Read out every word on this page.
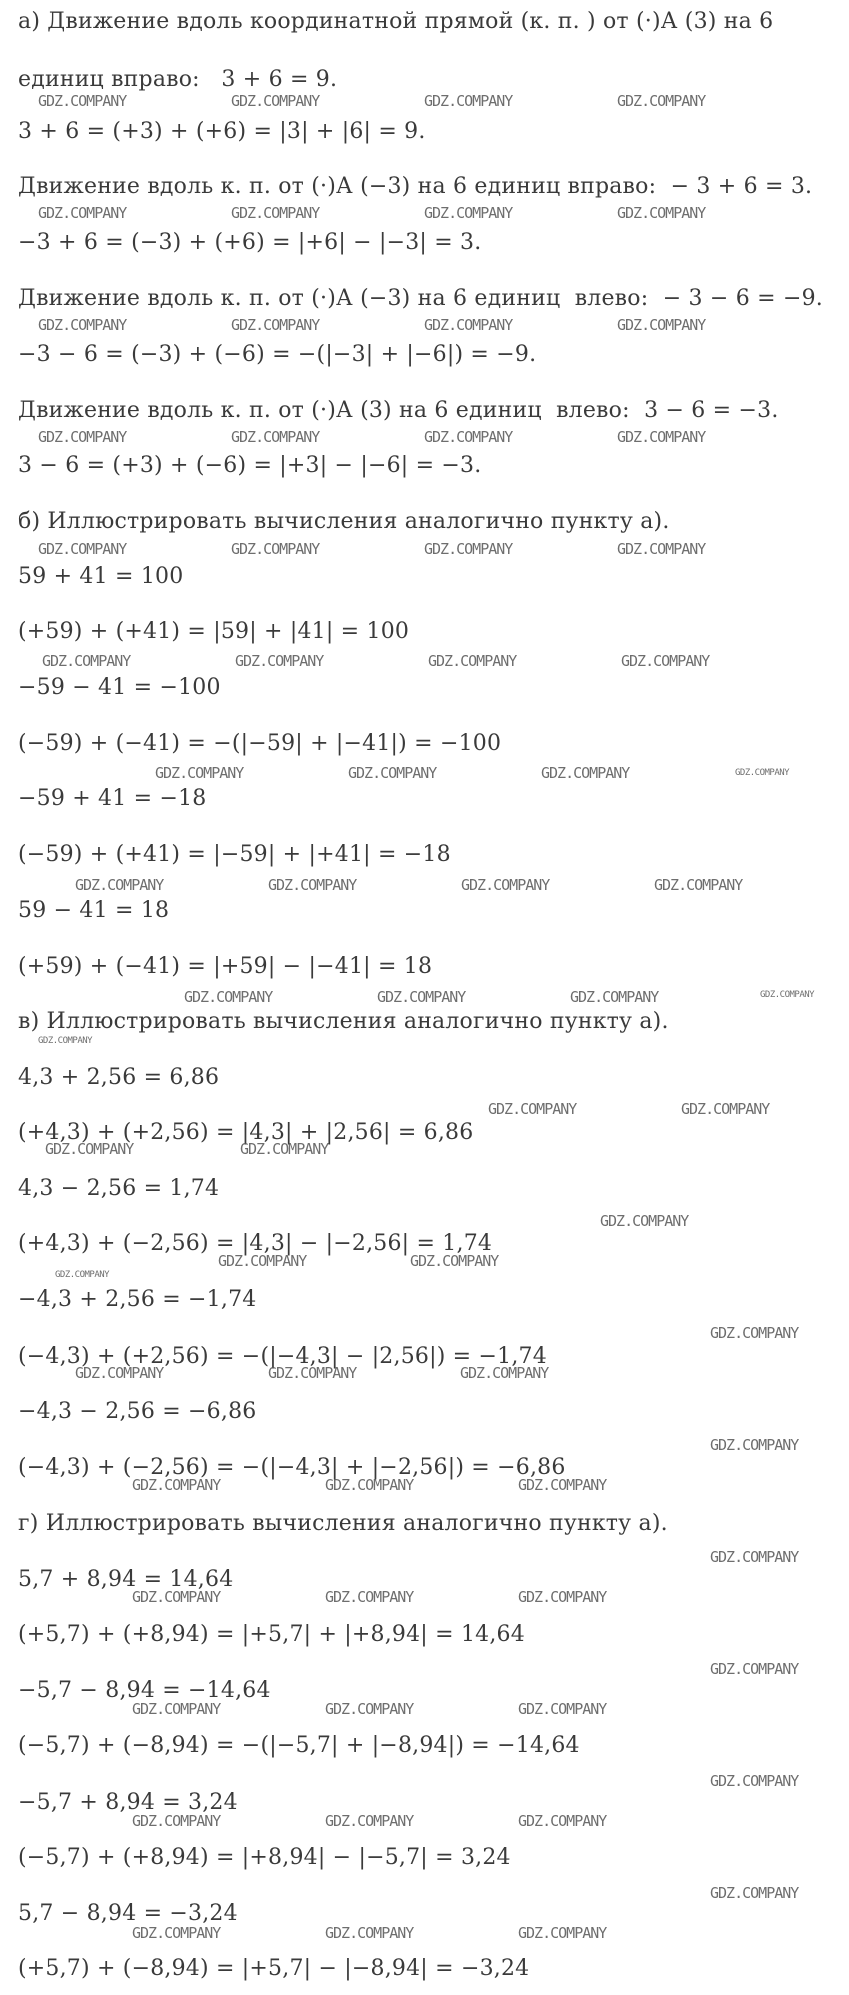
а) Движение вдоль координатной прямой (к. п. ) от (·)А (3) на 6
единиц вправо:   3 + 6 = 9.
3 + 6 = (+3) + (+6) = |3| + |6| = 9.
Движение вдоль к. п. от (·)А (−3) на 6 единиц вправо:  − 3 + 6 = 3.
−3 + 6 = (−3) + (+6) = |+6| − |−3| = 3.
Движение вдоль к. п. от (·)А (−3) на 6 единиц  влево:  − 3 − 6 = −9.
−3 − 6 = (−3) + (−6) = −(|−3| + |−6|) = −9.
Движение вдоль к. п. от (·)А (3) на 6 единиц  влево:  3 − 6 = −3.
3 − 6 = (+3) + (−6) = |+3| − |−6| = −3.
б) Иллюстрировать вычисления аналогично пункту а).
59 + 41 = 100
(+59) + (+41) = |59| + |41| = 100
−59 − 41 = −100
(−59) + (−41) = −(|−59| + |−41|) = −100
−59 + 41 = −18
(−59) + (+41) = |−59| + |+41| = −18
59 − 41 = 18
(+59) + (−41) = |+59| − |−41| = 18
в) Иллюстрировать вычисления аналогично пункту а).
4,3 + 2,56 = 6,86
(+4,3) + (+2,56) = |4,3| + |2,56| = 6,86
4,3 − 2,56 = 1,74
(+4,3) + (−2,56) = |4,3| − |−2,56| = 1,74
−4,3 + 2,56 = −1,74
(−4,3) + (+2,56) = −(|−4,3| − |2,56|) = −1,74
−4,3 − 2,56 = −6,86
(−4,3) + (−2,56) = −(|−4,3| + |−2,56|) = −6,86
г) Иллюстрировать вычисления аналогично пункту а).
5,7 + 8,94 = 14,64
(+5,7) + (+8,94) = |+5,7| + |+8,94| = 14,64
−5,7 − 8,94 = −14,64
(−5,7) + (−8,94) = −(|−5,7| + |−8,94|) = −14,64
−5,7 + 8,94 = 3,24
(−5,7) + (+8,94) = |+8,94| − |−5,7| = 3,24
5,7 − 8,94 = −3,24
(+5,7) + (−8,94) = |+5,7| − |−8,94| = −3,24
GDZ.COMPANY	GDZ.COMPANY	GDZ.COMPANY	GDZ.COMPANY
GDZ.COMPANY	GDZ.COMPANY	GDZ.COMPANY	GDZ.COMPANY
GDZ.COMPANY	GDZ.COMPANY	GDZ.COMPANY	GDZ.COMPANY
GDZ.COMPANY	GDZ.COMPANY	GDZ.COMPANY	GDZ.COMPANY
GDZ.COMPANY	GDZ.COMPANY	GDZ.COMPANY	GDZ.COMPANY
GDZ.COMPANY	GDZ.COMPANY	GDZ.COMPANY	GDZ.COMPANY
GDZ.COMPANY	GDZ.COMPANY	GDZ.COMPANY
GDZ.COMPANY	GDZ.COMPANY	GDZ.COMPANY	GDZ.COMPANY
GDZ.COMPANY	GDZ.COMPANY	GDZ.COMPANY
GDZ.COMPANY	GDZ.COMPANY
GDZ.COMPANY	GDZ.COMPANY
GDZ.COMPANY
GDZ.COMPANY	GDZ.COMPANY
GDZ.COMPANY
GDZ.COMPANY	GDZ.COMPANY	GDZ.COMPANY
GDZ.COMPANY	GDZ.COMPANY	GDZ.COMPANY
GDZ.COMPANY
GDZ.COMPANY
GDZ.COMPANY	GDZ.COMPANY	GDZ.COMPANY
GDZ.COMPANY
GDZ.COMPANY	GDZ.COMPANY	GDZ.COMPANY
GDZ.COMPANY
GDZ.COMPANY	GDZ.COMPANY	GDZ.COMPANY
GDZ.COMPANY
GDZ.COMPANY	GDZ.COMPANY	GDZ.COMPANY
GDZ.COMPANY
GDZ.COMPANY
GDZ.COMPANY
GDZ.COMPANY
